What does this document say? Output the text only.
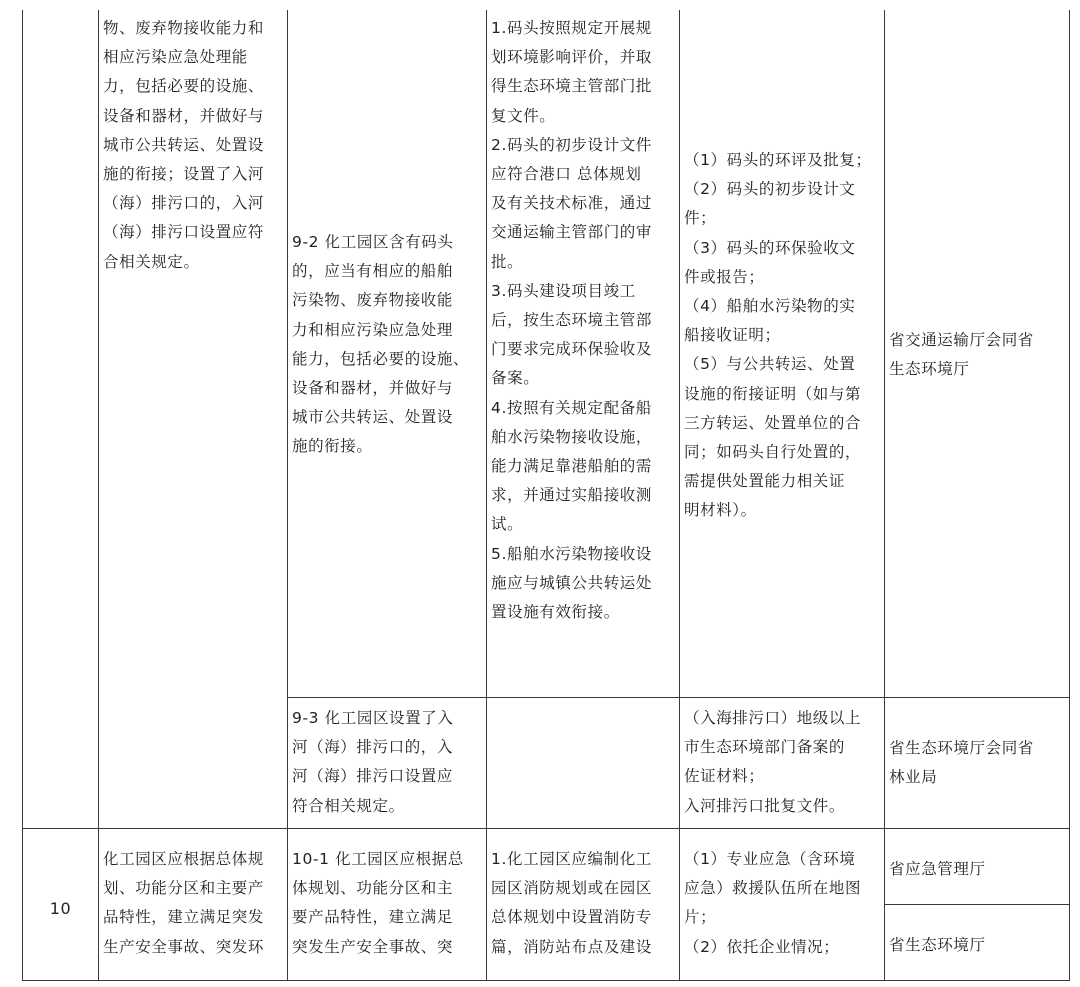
物、废弃物接收能力和
相应污染应急处理能
力，包括必要的设施、
设备和器材，并做好与
城市公共转运、处置设
施的衔接；设置了入河
（海）排污口的，入河
（海）排污口设置应符
合相关规定。
9-2 化工园区含有码头
的，应当有相应的船舶
污染物、废弃物接收能
力和相应污染应急处理
能力，包括必要的设施、
设备和器材，并做好与
城市公共转运、处置设
施的衔接。
1.码头按照规定开展规
划环境影响评价，并取
得生态环境主管部门批
复文件。
2.码头的初步设计文件
应符合港口 总体规划
及有关技术标准，通过
交通运输主管部门的审
批。
3.码头建设项目竣工
后，按生态环境主管部
门要求完成环保验收及
备案。
4.按照有关规定配备船
舶水污染物接收设施，
能力满足靠港船舶的需
求，并通过实船接收测
试。
5.船舶水污染物接收设
施应与城镇公共转运处
置设施有效衔接。
（1）码头的环评及批复；
（2）码头的初步设计文
件；
（3）码头的环保验收文
件或报告；
（4）船舶水污染物的实
船接收证明；
（5）与公共转运、处置
设施的衔接证明（如与第
三方转运、处置单位的合
同；如码头自行处置的，
需提供处置能力相关证
明材料）。
省交通运输厅会同省
生态环境厅
9-3 化工园区设置了入
河（海）排污口的，入
河（海）排污口设置应
符合相关规定。
（入海排污口）地级以上
市生态环境部门备案的
佐证材料；
入河排污口批复文件。
省生态环境厅会同省
林业局
10
化工园区应根据总体规
划、功能分区和主要产
品特性，建立满足突发
生产安全事故、突发环
10-1 化工园区应根据总
体规划、功能分区和主
要产品特性，建立满足
突发生产安全事故、突
1.化工园区应编制化工
园区消防规划或在园区
总体规划中设置消防专
篇，消防站布点及建设
（1）专业应急（含环境
应急）救援队伍所在地图
片；
（2）依托企业情况；
省应急管理厅
省生态环境厅
